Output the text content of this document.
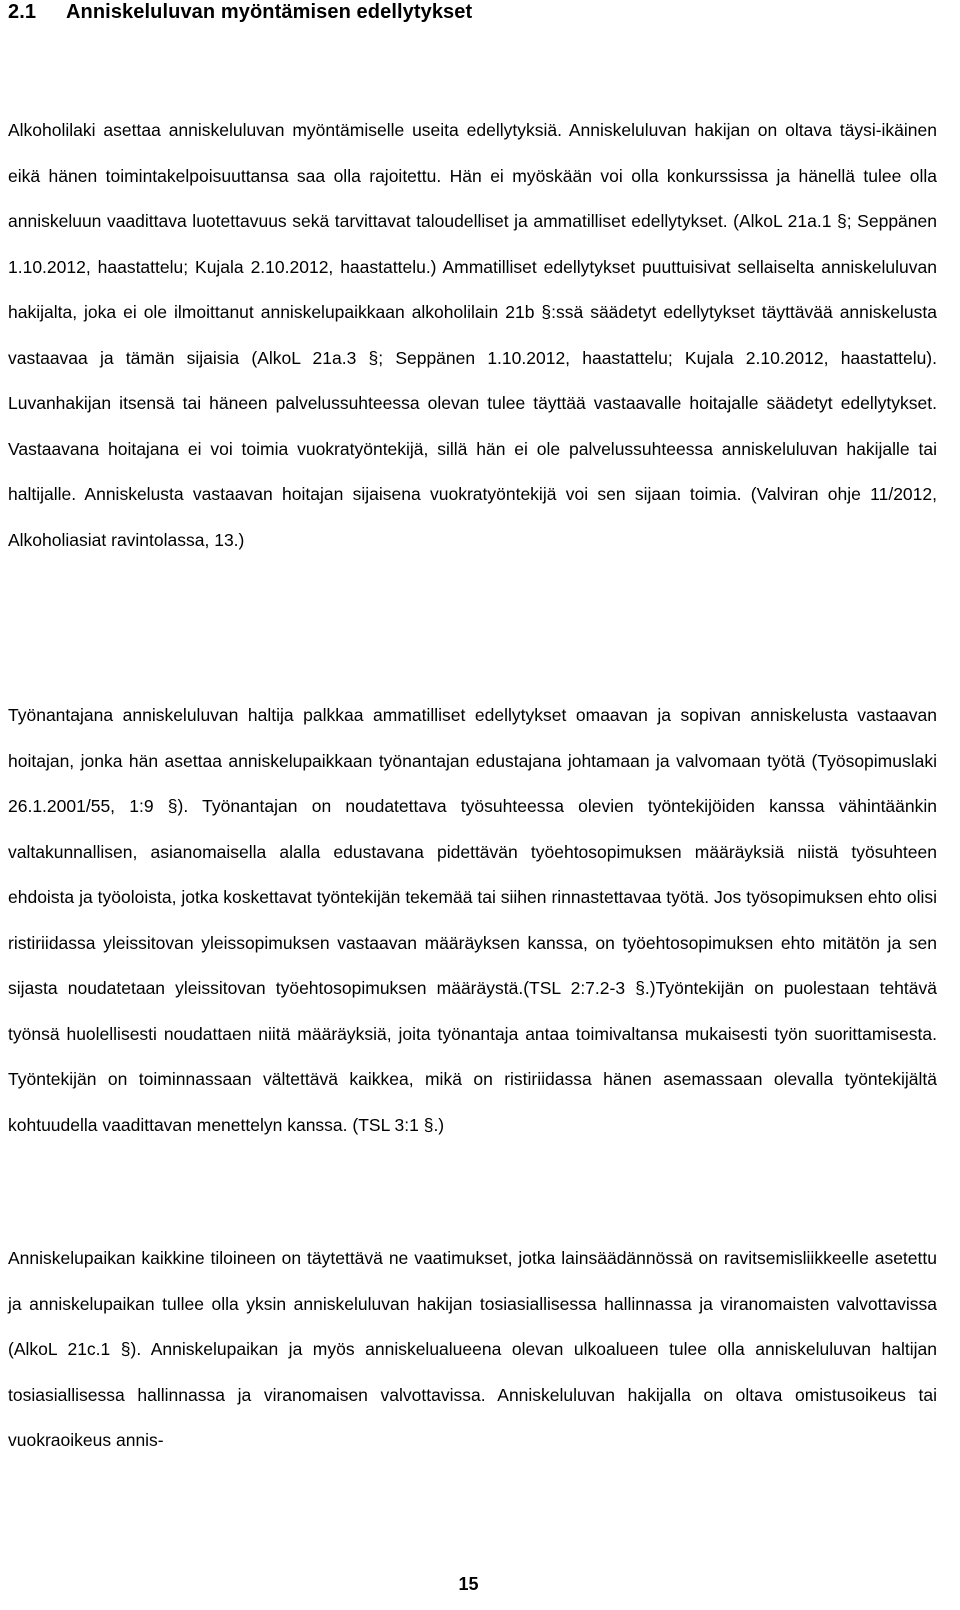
2.1 Anniskeluluvan myöntämisen edellytykset

Alkoholilaki asettaa anniskeluluvan myöntämiselle useita edellytyksiä. Anniskeluluvan hakijan on oltava täysi-ikäinen eikä hänen toimintakelpoisuuttansa saa olla rajoitettu. Hän ei myöskään voi olla konkurssissa ja hänellä tulee olla anniskeluun vaadittava luotettavuus sekä tarvittavat taloudelliset ja ammatilliset edellytykset. (AlkoL 21a.1 §; Seppänen 1.10.2012, haastattelu; Kujala 2.10.2012, haastattelu.) Ammatilliset edellytykset puuttuisivat sellaiselta anniskeluluvan hakijalta, joka ei ole ilmoittanut anniskelupaikkaan alkoholilain 21b §:ssä säädetyt edellytykset täyttävää anniskelusta vastaavaa ja tämän sijaisia (AlkoL 21a.3 §; Seppänen 1.10.2012, haastattelu; Kujala 2.10.2012, haastattelu). Luvanhakijan itsensä tai häneen palvelussuhteessa olevan tulee täyttää vastaavalle hoitajalle säädetyt edellytykset. Vastaavana hoitajana ei voi toimia vuokratyöntekijä, sillä hän ei ole palvelussuhteessa anniskeluluvan hakijalle tai haltijalle. Anniskelusta vastaavan hoitajan sijaisena vuokratyöntekijä voi sen sijaan toimia. (Valviran ohje 11/2012, Alkoholiasiat ravintolassa, 13.)

Työnantajana anniskeluluvan haltija palkkaa ammatilliset edellytykset omaavan ja sopivan anniskelusta vastaavan hoitajan, jonka hän asettaa anniskelupaikkaan työnantajan edustajana johtamaan ja valvomaan työtä (Työsopimuslaki 26.1.2001/55, 1:9 §). Työnantajan on noudatettava työsuhteessa olevien työntekijöiden kanssa vähintäänkin valtakunnallisen, asianomaisella alalla edustavana pidettävän työehtosopimuksen määräyksiä niistä työsuhteen ehdoista ja työoloista, jotka koskettavat työntekijän tekemää tai siihen rinnastettavaa työtä. Jos työsopimuksen ehto olisi ristiriidassa yleissitovan yleissopimuksen vastaavan määräyksen kanssa, on työehtosopimuksen ehto mitätön ja sen sijasta noudatetaan yleissitovan työehtosopimuksen määräystä.(TSL 2:7.2-3 §.)Työntekijän on puolestaan tehtävä työnsä huolellisesti noudattaen niitä määräyksiä, joita työnantaja antaa toimivaltansa mukaisesti työn suorittamisesta. Työntekijän on toiminnassaan vältettävä kaikkea, mikä on ristiriidassa hänen asemassaan olevalla työntekijältä kohtuudella vaadittavan menettelyn kanssa. (TSL 3:1 §.)

Anniskelupaikan kaikkine tiloineen on täytettävä ne vaatimukset, jotka lainsäädännössä on ravitsemisliikkeelle asetettu ja anniskelupaikan tullee olla yksin anniskeluluvan hakijan tosiasiallisessa hallinnassa ja viranomaisten valvottavissa (AlkoL 21c.1 §). Anniskelupaikan ja myös anniskelualueena olevan ulkoalueen tulee olla anniskeluluvan haltijan tosiasiallisessa hallinnassa ja viranomaisen valvottavissa. Anniskeluluvan hakijalla on oltava omistusoikeus tai vuokraoikeus annis-

15
